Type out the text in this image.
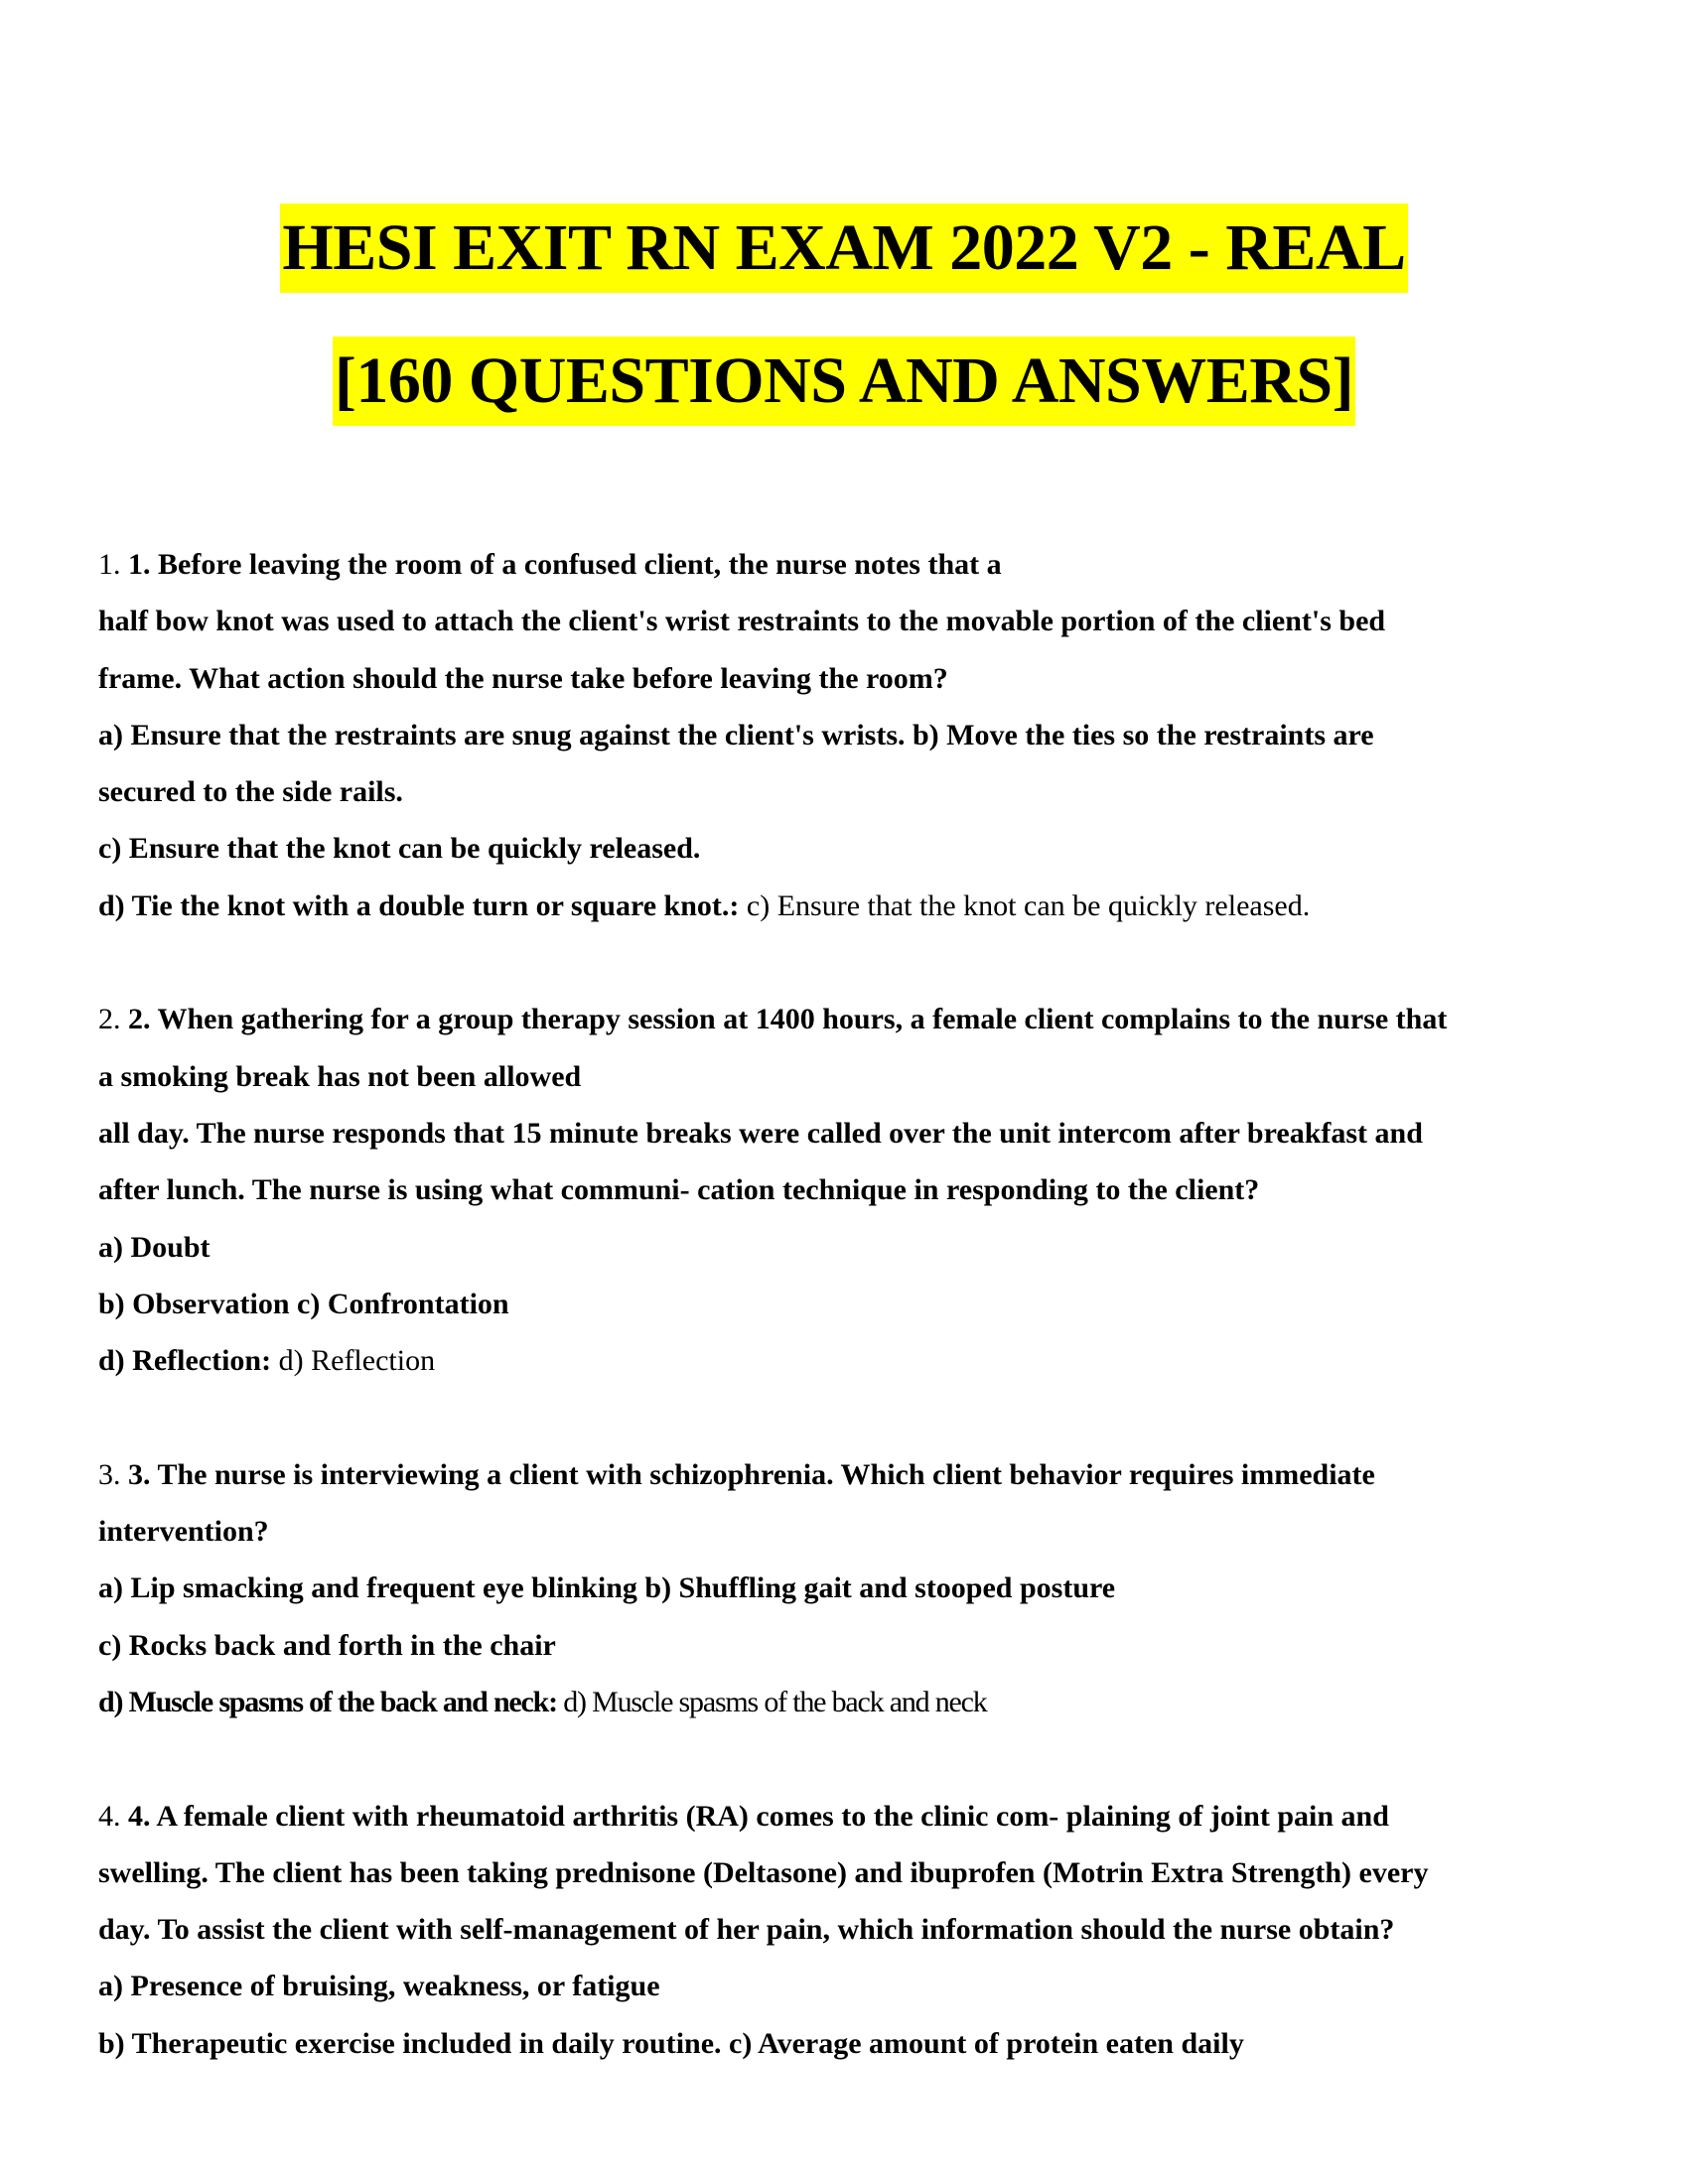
HESI EXIT RN EXAM 2022 V2 - REAL
[160 QUESTIONS AND ANSWERS]
1. 1. Before leaving the room of a confused client, the nurse notes that a
half bow knot was used to attach the client's wrist restraints to the movable portion of the client's bed
frame. What action should the nurse take before leaving the room?
a) Ensure that the restraints are snug against the client's wrists. b) Move the ties so the restraints are
secured to the side rails.
c) Ensure that the knot can be quickly released.
d) Tie the knot with a double turn or square knot.: c) Ensure that the knot can be quickly released.
2. 2. When gathering for a group therapy session at 1400 hours, a female client complains to the nurse that
a smoking break has not been allowed
all day. The nurse responds that 15 minute breaks were called over the unit intercom after breakfast and
after lunch. The nurse is using what communi- cation technique in responding to the client?
a) Doubt
b) Observation c) Confrontation
d) Reflection: d) Reflection
3. 3. The nurse is interviewing a client with schizophrenia. Which client behavior requires immediate
intervention?
a) Lip smacking and frequent eye blinking b) Shuffling gait and stooped posture
c) Rocks back and forth in the chair
d) Muscle spasms of the back and neck: d) Muscle spasms of the back and neck
4. 4. A female client with rheumatoid arthritis (RA) comes to the clinic com- plaining of joint pain and
swelling. The client has been taking prednisone (Deltasone) and ibuprofen (Motrin Extra Strength) every
day. To assist the client with self-management of her pain, which information should the nurse obtain?
a) Presence of bruising, weakness, or fatigue
b) Therapeutic exercise included in daily routine. c) Average amount of protein eaten daily
